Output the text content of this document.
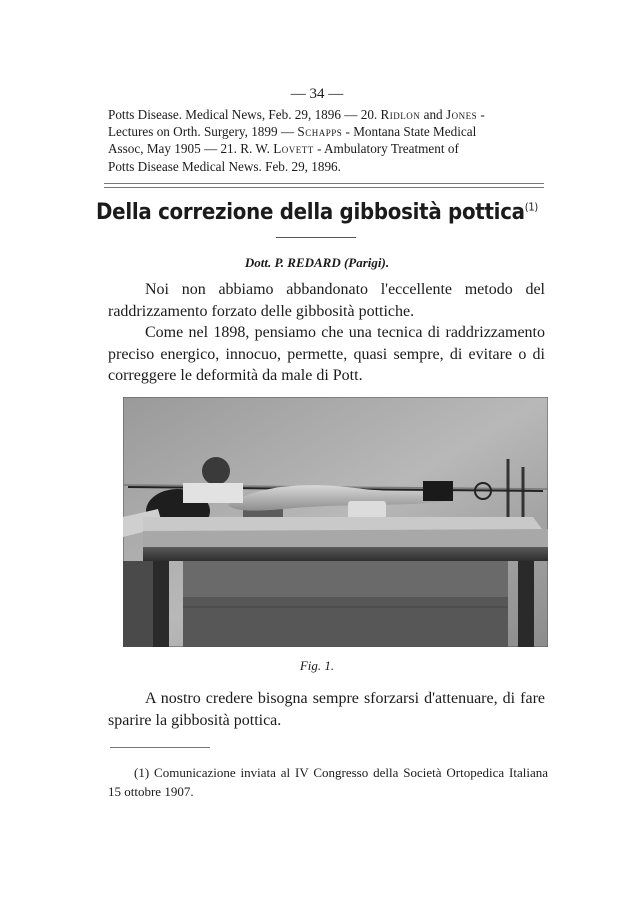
— 34 —

Potts Disease. Medical News, Feb. 29, 1896 — 20. Ridlon and Jones -

Lectures on Orth. Surgery, 1899 — Schapps - Montana State Medical

Assoc, May 1905 — 21. R. W. Lovett - Ambulatory Treatment of

Potts Disease Medical News. Feb. 29, 1896.

Della correzione della gibbosità pottica$^{(1)}$
Dott. P. REDARD (Parigi).

Noi non abbiamo abbandonato l'eccellente metodo del raddrizzamento forzato delle gibbosità pottiche.

Come nel 1898, pensiamo che una tecnica di raddrizzamento preciso energico, innocuo, permette, quasi sempre, di evitare o di correggere le deformità da male di Pott.

Fig. 1.

A nostro credere bisogna sempre sforzarsi d'attenuare, di fare sparire la gibbosità pottica.

(1) Comunicazione inviata al IV Congresso della Società Ortopedica Italiana 15 ottobre 1907.
